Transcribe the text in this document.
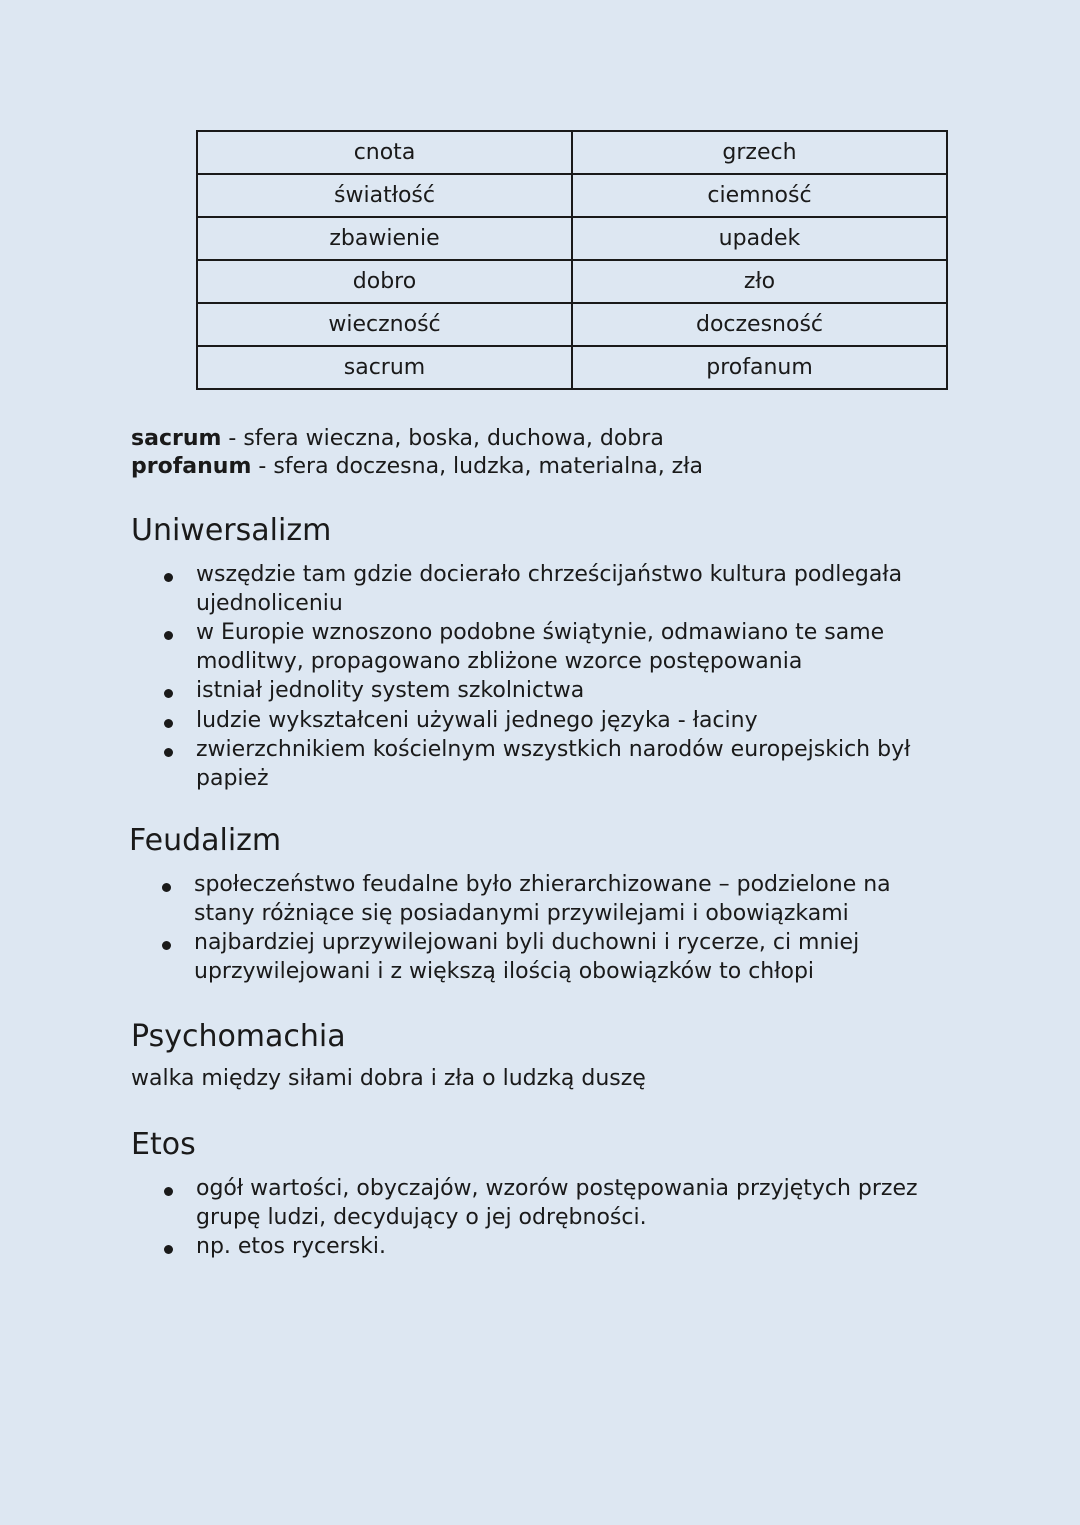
cnota	grzech
światłość	ciemność
zbawienie	upadek
dobro	zło
wieczność	doczesność
sacrum	profanum
sacrum - sfera wieczna, boska, duchowa, dobra
profanum - sfera doczesna, ludzka, materialna, zła
Uniwersalizm
wszędzie tam gdzie docierało chrześcijaństwo kultura podlegała ujednoliceniu
w Europie wznoszono podobne świątynie, odmawiano te same modlitwy, propagowano zbliżone wzorce postępowania
istniał jednolity system szkolnictwa
ludzie wykształceni używali jednego języka - łaciny
zwierzchnikiem kościelnym wszystkich narodów europejskich był papież
Feudalizm
społeczeństwo feudalne było zhierarchizowane – podzielone na stany różniące się posiadanymi przywilejami i obowiązkami
najbardziej uprzywilejowani byli duchowni i rycerze, ci mniej uprzywilejowani i z większą ilością obowiązków to chłopi
Psychomachia

walka między siłami dobra i zła o ludzką duszę

Etos
ogół wartości, obyczajów, wzorów postępowania przyjętych przez grupę ludzi, decydujący o jej odrębności.
np. etos rycerski.
